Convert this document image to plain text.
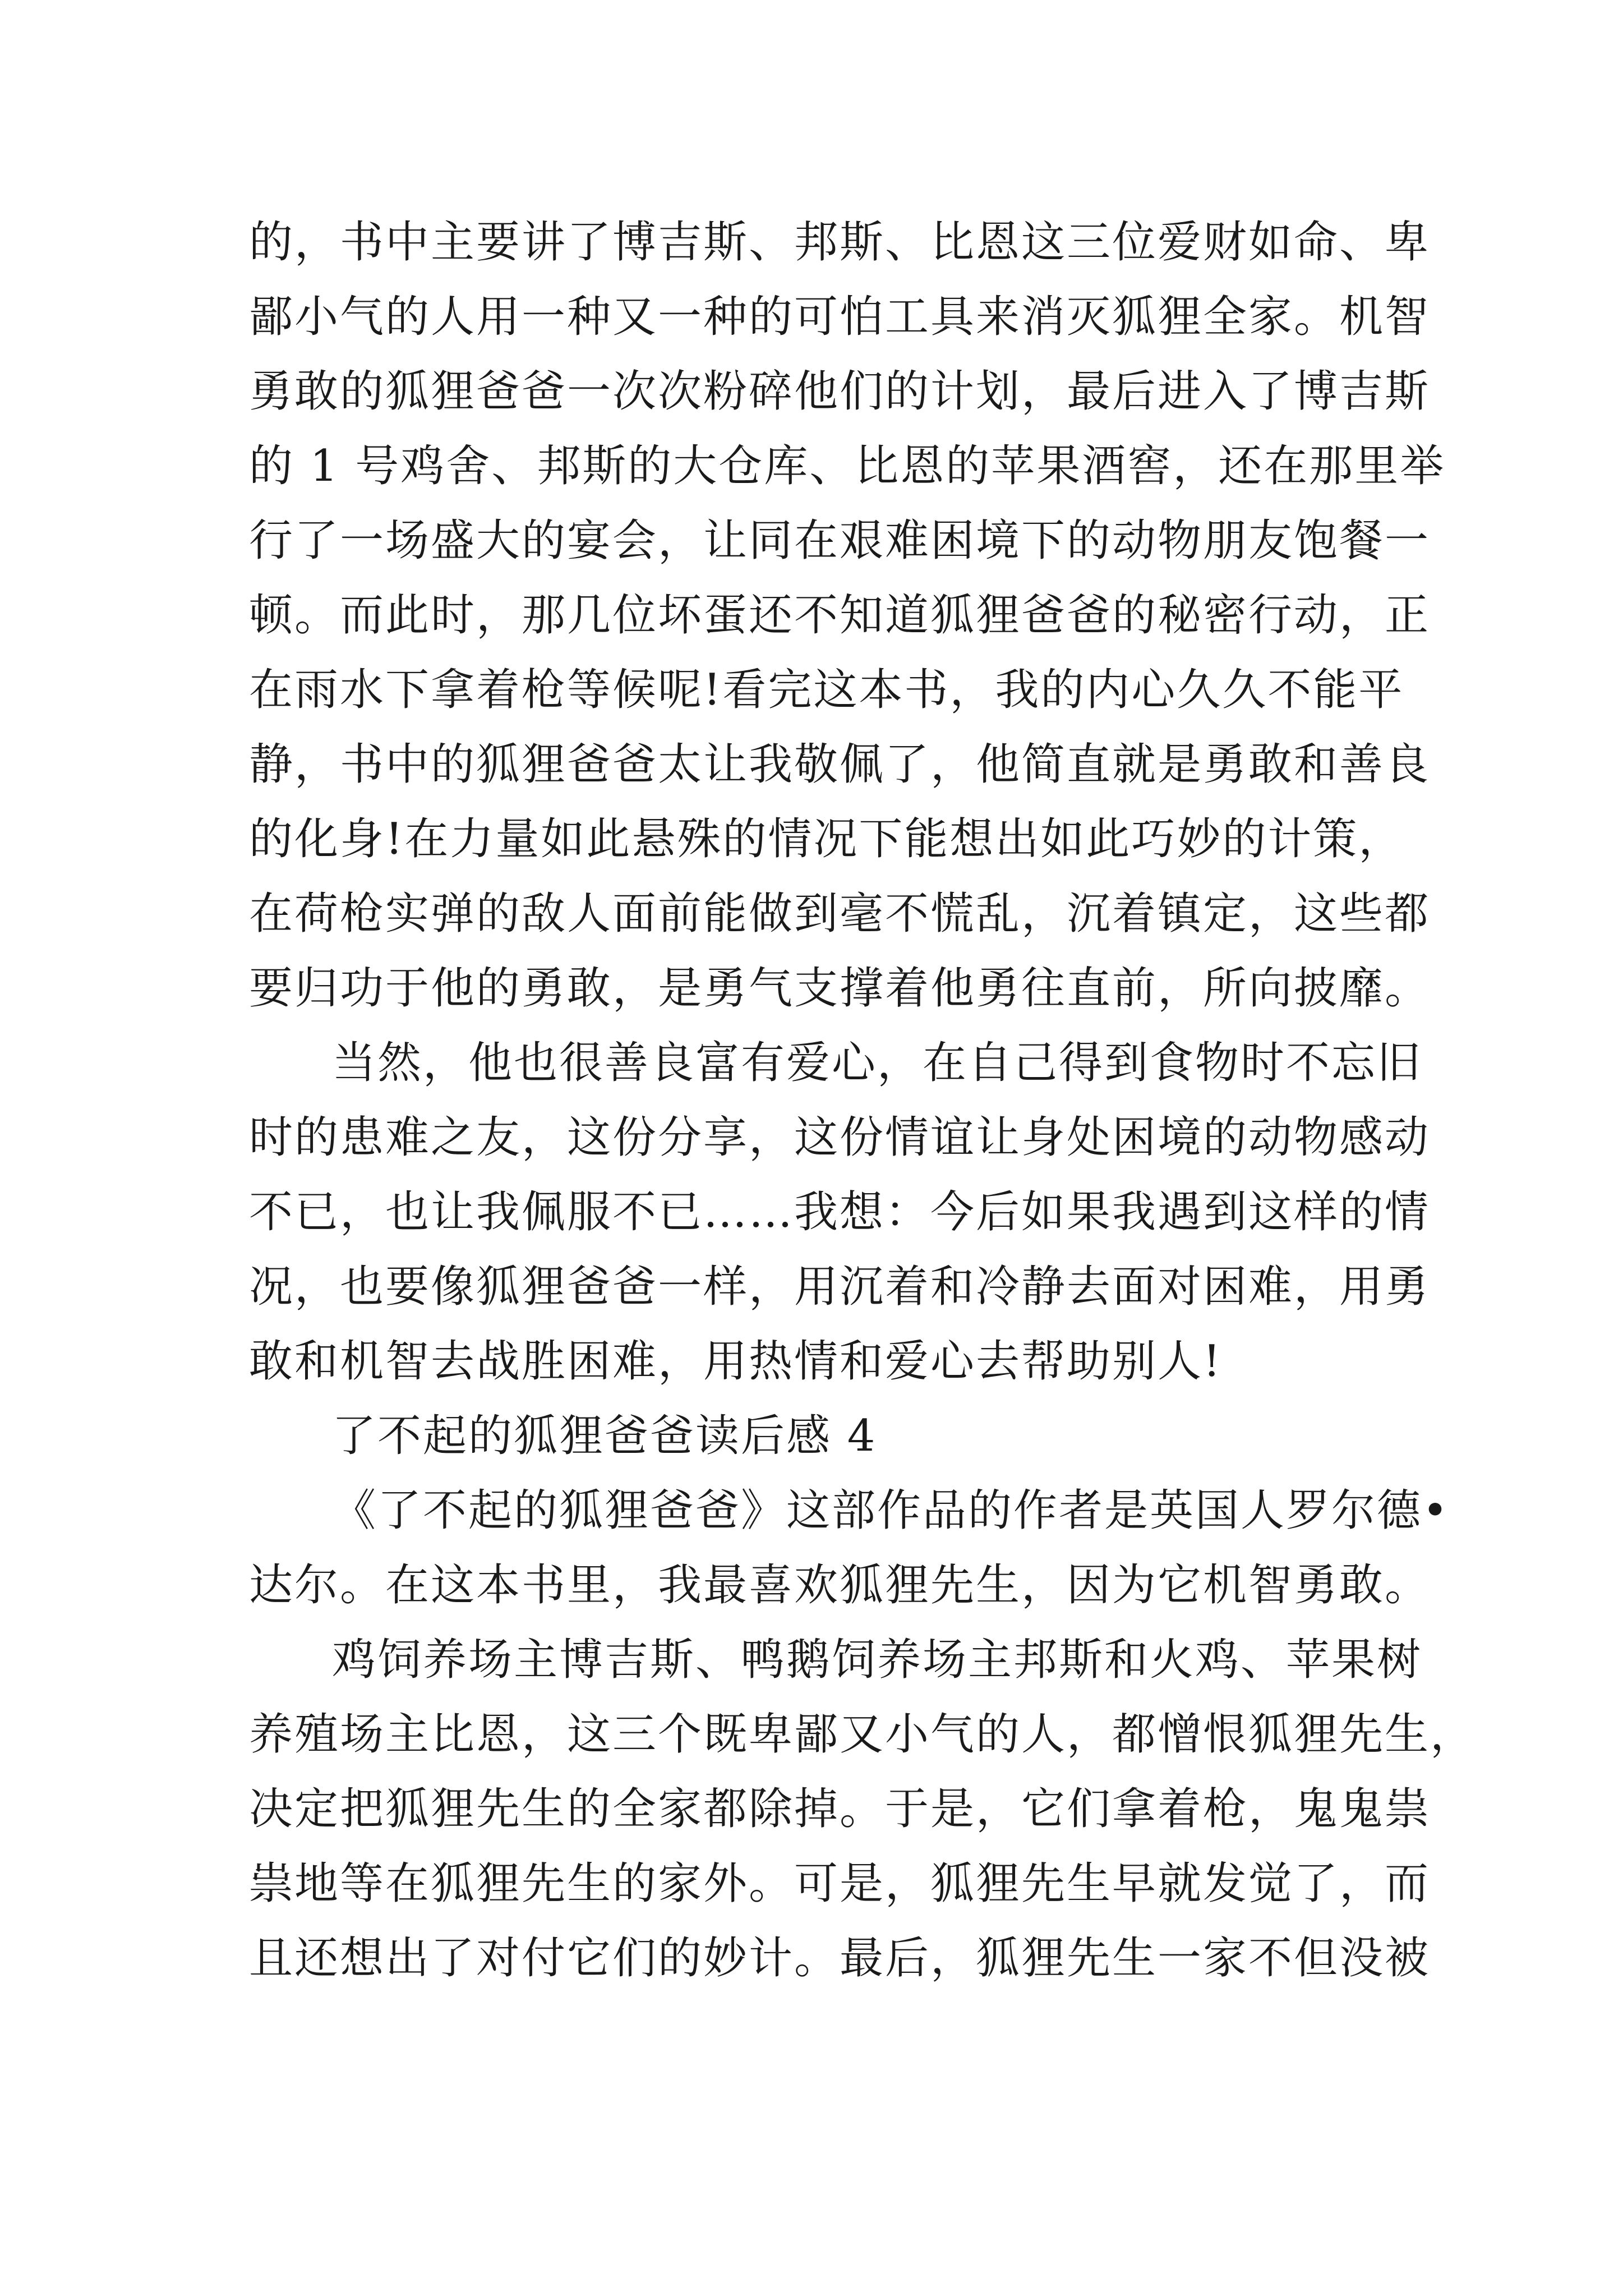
的，书中主要讲了博吉斯、邦斯、比恩这三位爱财如命、卑
鄙小气的人用一种又一种的可怕工具来消灭狐狸全家。机智
勇敢的狐狸爸爸一次次粉碎他们的计划，最后进入了博吉斯
的 1 号鸡舍、邦斯的大仓库、比恩的苹果酒窖，还在那里举
行了一场盛大的宴会，让同在艰难困境下的动物朋友饱餐一
顿。而此时，那几位坏蛋还不知道狐狸爸爸的秘密行动，正
在雨水下拿着枪等候呢!看完这本书，我的内心久久不能平
静，书中的狐狸爸爸太让我敬佩了，他简直就是勇敢和善良
的化身!在力量如此悬殊的情况下能想出如此巧妙的计策，
在荷枪实弹的敌人面前能做到毫不慌乱，沉着镇定，这些都
要归功于他的勇敢，是勇气支撑着他勇往直前，所向披靡。
当然，他也很善良富有爱心，在自己得到食物时不忘旧
时的患难之友，这份分享，这份情谊让身处困境的动物感动
不已，也让我佩服不已……我想：今后如果我遇到这样的情
况，也要像狐狸爸爸一样，用沉着和冷静去面对困难，用勇
敢和机智去战胜困难，用热情和爱心去帮助别人!
了不起的狐狸爸爸读后感 4
《了不起的狐狸爸爸》这部作品的作者是英国人罗尔德•
达尔。在这本书里，我最喜欢狐狸先生，因为它机智勇敢。
鸡饲养场主博吉斯、鸭鹅饲养场主邦斯和火鸡、苹果树
养殖场主比恩，这三个既卑鄙又小气的人，都憎恨狐狸先生，
决定把狐狸先生的全家都除掉。于是，它们拿着枪，鬼鬼祟
祟地等在狐狸先生的家外。可是，狐狸先生早就发觉了，而
且还想出了对付它们的妙计。最后，狐狸先生一家不但没被
